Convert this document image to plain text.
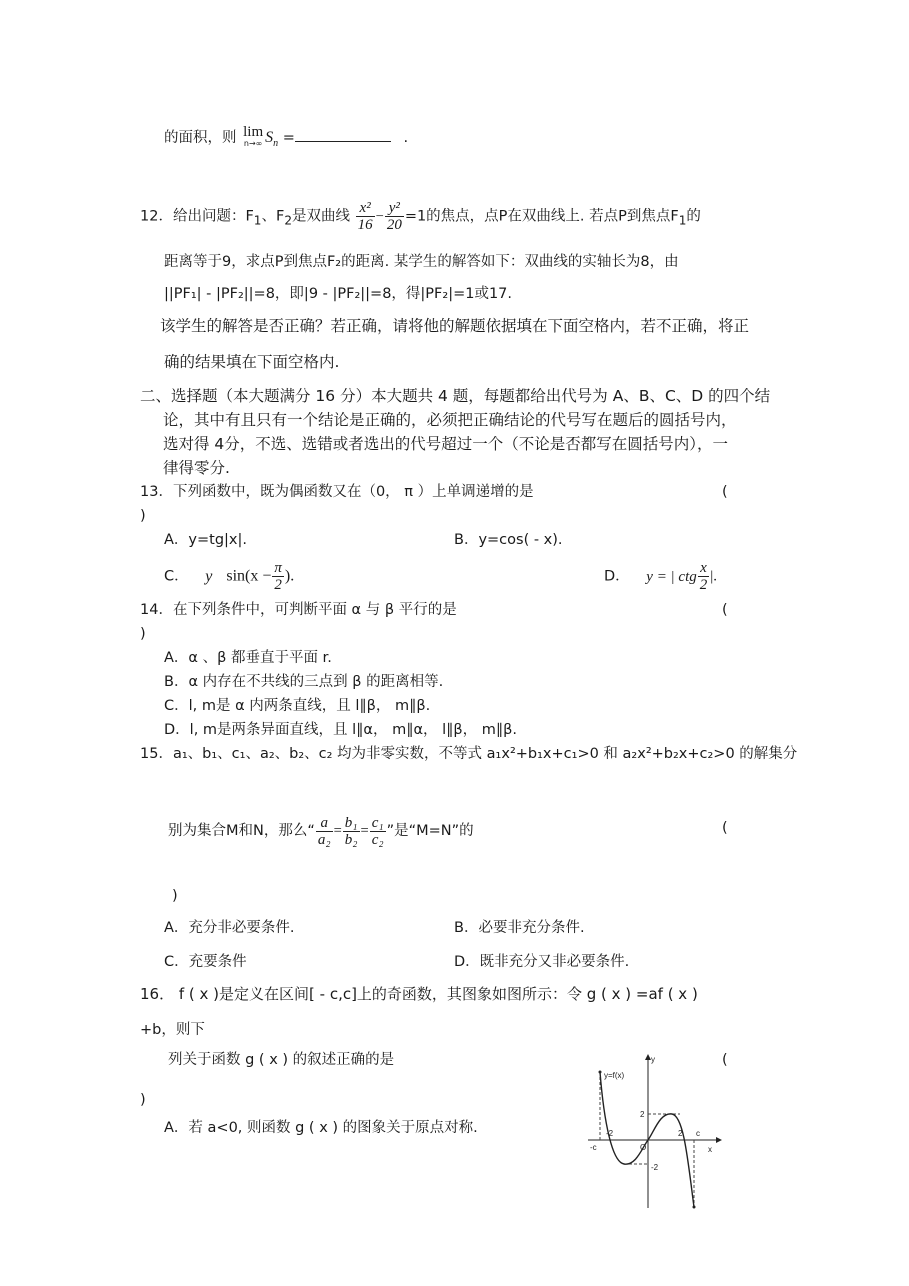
的面积，则 lim
n→∞ $S_n$ =	.
12．给出问题：$F_1$、$F_2$是双曲线 $\frac{\text{x²}}{16} - \frac{\text{y²}}{20} =1$的焦点，点P在双曲线上. 若点P到焦点$F_1$的
距离等于9，求点P到焦点F₂的距离. 某学生的解答如下：双曲线的实轴长为8，由
||PF₁| - |PF₂||=8，即|9 - |PF₂||=8，得|PF₂|=1或17.
该学生的解答是否正确？若正确，请将他的解题依据填在下面空格内，若不正确，将正
确的结果填在下面空格内.
二、选择题（本大题满分 16 分）本大题共 4 题，每题都给出代号为 A、B、C、D 的四个结
论，其中有且只有一个结论是正确的，必须把正确结论的代号写在题后的圆括号内，
选对得 4分，不选、选错或者选出的代号超过一个（不论是否都写在圆括号内），一
律得零分.
13．下列函数中，既为偶函数又在（0， π ）上单调递增的是	(
)
A．y=tg|x|.	B．y=cos( - x).
C． y $\sin(x - \frac{\pi}{2}$ ).	D． y = | ctg $\frac{x}{2}$ |.
14．在下列条件中，可判断平面 α 与 β 平行的是	(
)
A．α 、β 都垂直于平面 r.
B．α 内存在不共线的三点到 β 的距离相等.
C．l, m是 α 内两条直线，且 l∥β， m∥β.
D．l, m是两条异面直线，且 l∥α， m∥α， l∥β， m∥β.
15．a₁、b₁、c₁、a₂、b₂、c₂ 均为非零实数，不等式 a₁x²+b₁x+c₁>0 和 a₂x²+b₂x+c₂>0 的解集分
别为集合M和N，那么“ $\frac{a}{\text{a₂}} = \frac{\text{b₁}}{\text{b₂}} = \frac{\text{c₁}}{\text{c₂}}$ ”是“M=N”的	(
)
A．充分非必要条件.	B．必要非充分条件.
C．充要条件	D．既非充分又非必要条件.
16． f ( x )是定义在区间[ - c,c]上的奇函数，其图象如图所示：令 g ( x ) =af ( x )
+b，则下
列关于函数 g ( x ) 的叙述正确的是	(
)
A．若 a<0, 则函数 g ( x ) 的图象关于原点对称.
y=f(x)
y
x
O
2
-2
2
-2	c
-c
